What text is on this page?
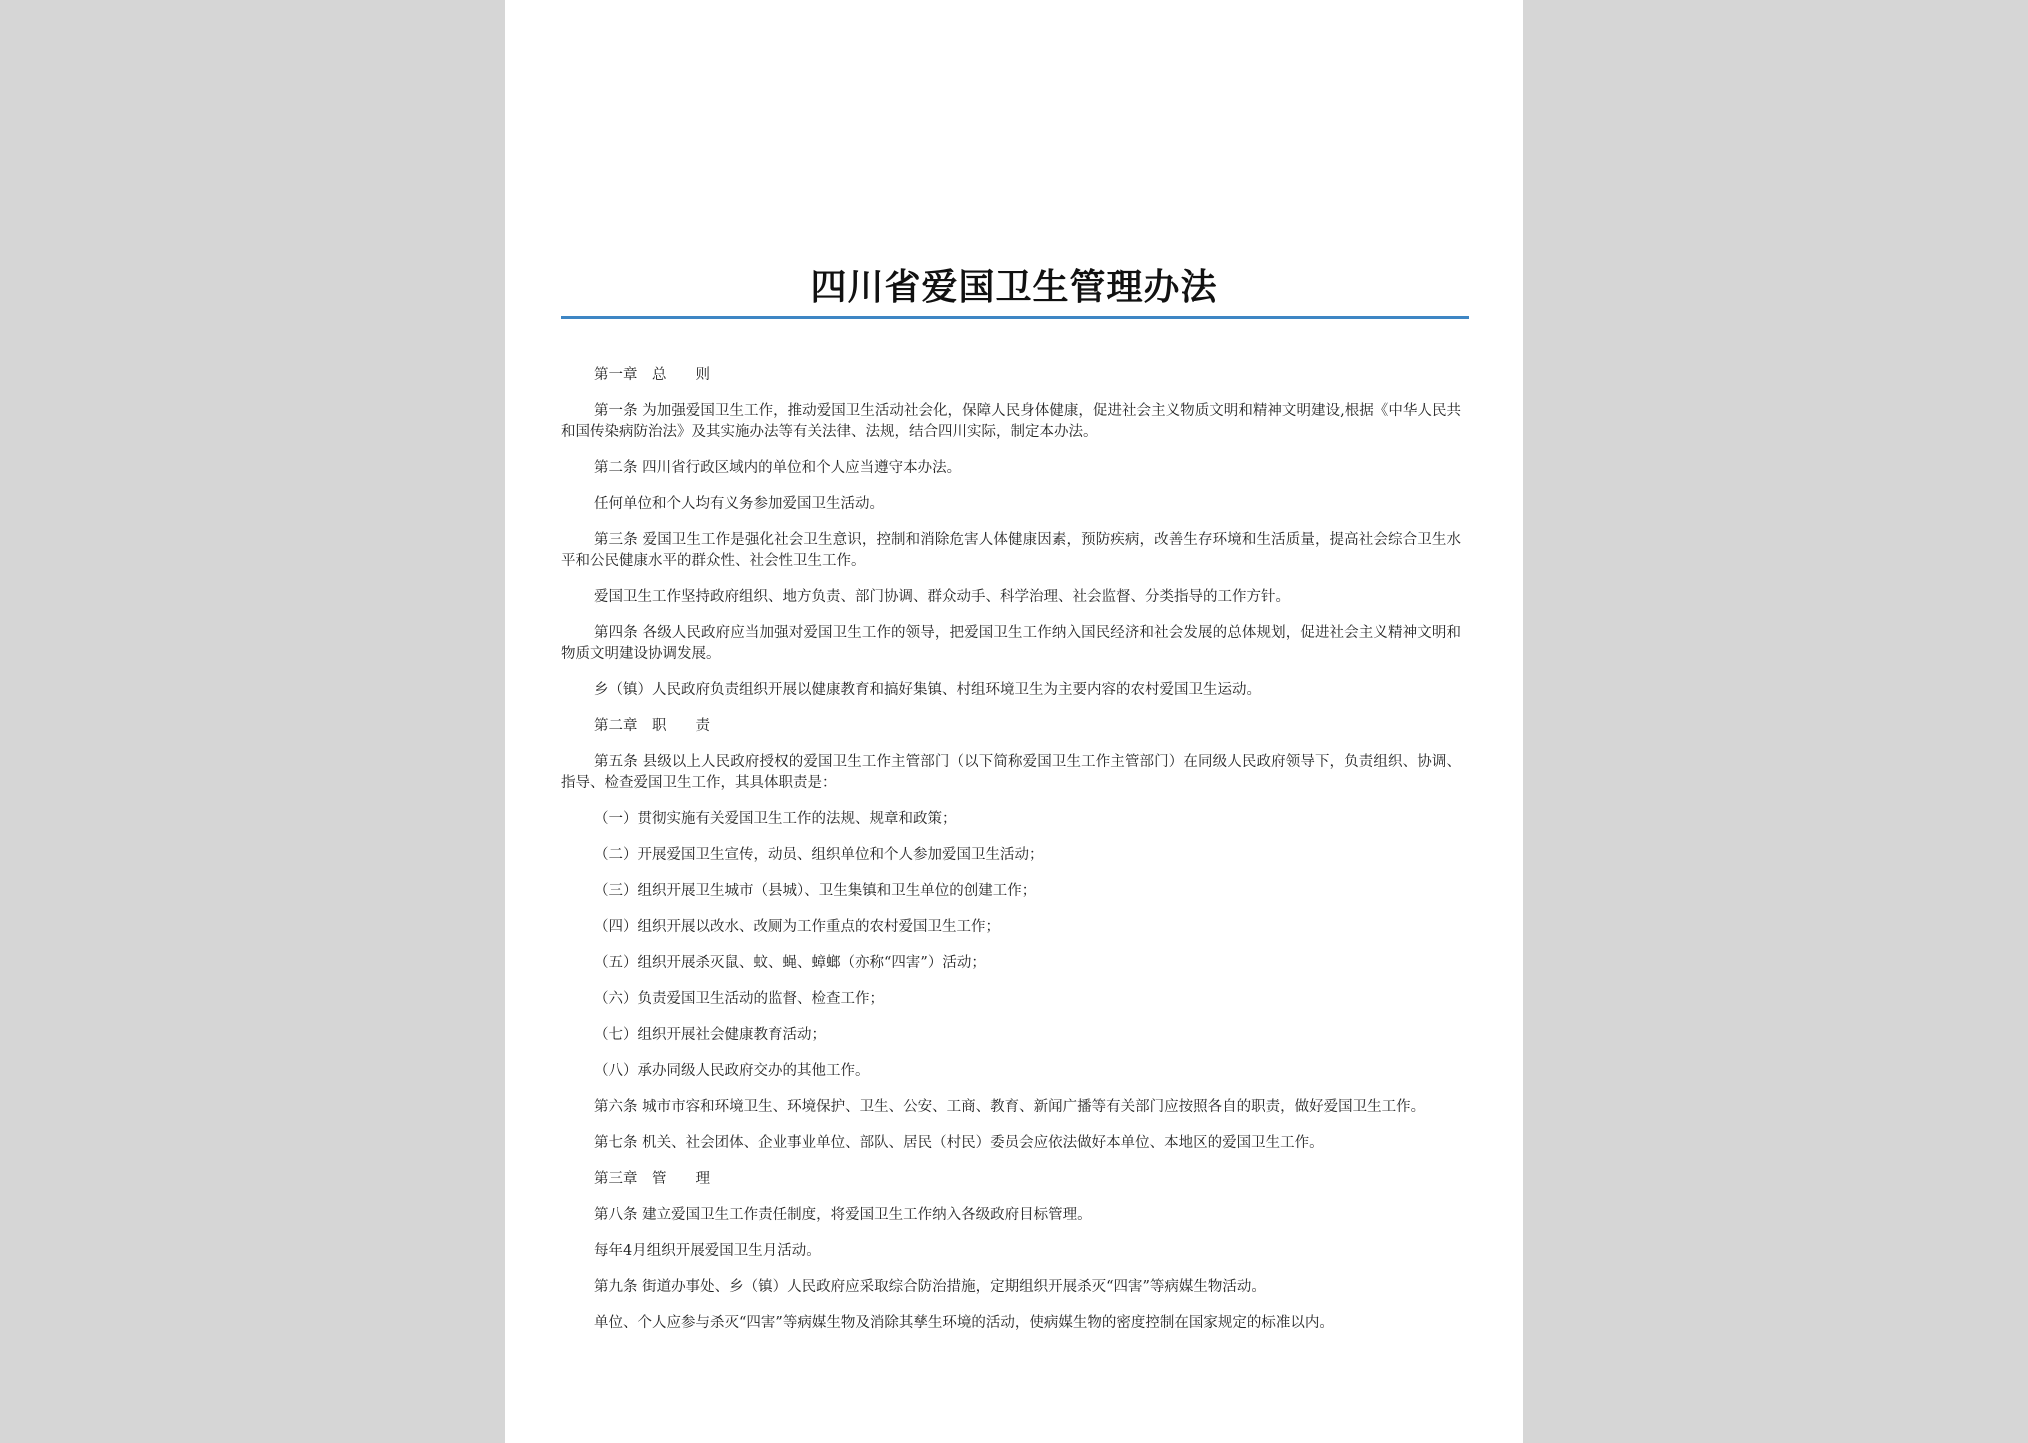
四川省爱国卫生管理办法

第一章　总　　则

第一条 为加强爱国卫生工作，推动爱国卫生活动社会化，保障人民身体健康，促进社会主义物质文明和精神文明建设,根据《中华人民共和国传染病防治法》及其实施办法等有关法律、法规，结合四川实际，制定本办法。

第二条 四川省行政区域内的单位和个人应当遵守本办法。

任何单位和个人均有义务参加爱国卫生活动。

第三条 爱国卫生工作是强化社会卫生意识，控制和消除危害人体健康因素，预防疾病，改善生存环境和生活质量，提高社会综合卫生水平和公民健康水平的群众性、社会性卫生工作。

爱国卫生工作坚持政府组织、地方负责、部门协调、群众动手、科学治理、社会监督、分类指导的工作方针。

第四条 各级人民政府应当加强对爱国卫生工作的领导，把爱国卫生工作纳入国民经济和社会发展的总体规划，促进社会主义精神文明和物质文明建设协调发展。

乡（镇）人民政府负责组织开展以健康教育和搞好集镇、村组环境卫生为主要内容的农村爱国卫生运动。

第二章　职　　责

第五条 县级以上人民政府授权的爱国卫生工作主管部门（以下简称爱国卫生工作主管部门）在同级人民政府领导下，负责组织、协调、指导、检查爱国卫生工作，其具体职责是：

（一）贯彻实施有关爱国卫生工作的法规、规章和政策；

（二）开展爱国卫生宣传，动员、组织单位和个人参加爱国卫生活动；

（三）组织开展卫生城市（县城）、卫生集镇和卫生单位的创建工作；

（四）组织开展以改水、改厕为工作重点的农村爱国卫生工作；

（五）组织开展杀灭鼠、蚊、蝇、蟑螂（亦称“四害”）活动；

（六）负责爱国卫生活动的监督、检查工作；

（七）组织开展社会健康教育活动；

（八）承办同级人民政府交办的其他工作。

第六条 城市市容和环境卫生、环境保护、卫生、公安、工商、教育、新闻广播等有关部门应按照各自的职责，做好爱国卫生工作。

第七条 机关、社会团体、企业事业单位、部队、居民（村民）委员会应依法做好本单位、本地区的爱国卫生工作。

第三章　管　　理

第八条 建立爱国卫生工作责任制度，将爱国卫生工作纳入各级政府目标管理。

每年4月组织开展爱国卫生月活动。

第九条 街道办事处、乡（镇）人民政府应采取综合防治措施，定期组织开展杀灭“四害”等病媒生物活动。

单位、个人应参与杀灭“四害”等病媒生物及消除其孳生环境的活动，使病媒生物的密度控制在国家规定的标准以内。
